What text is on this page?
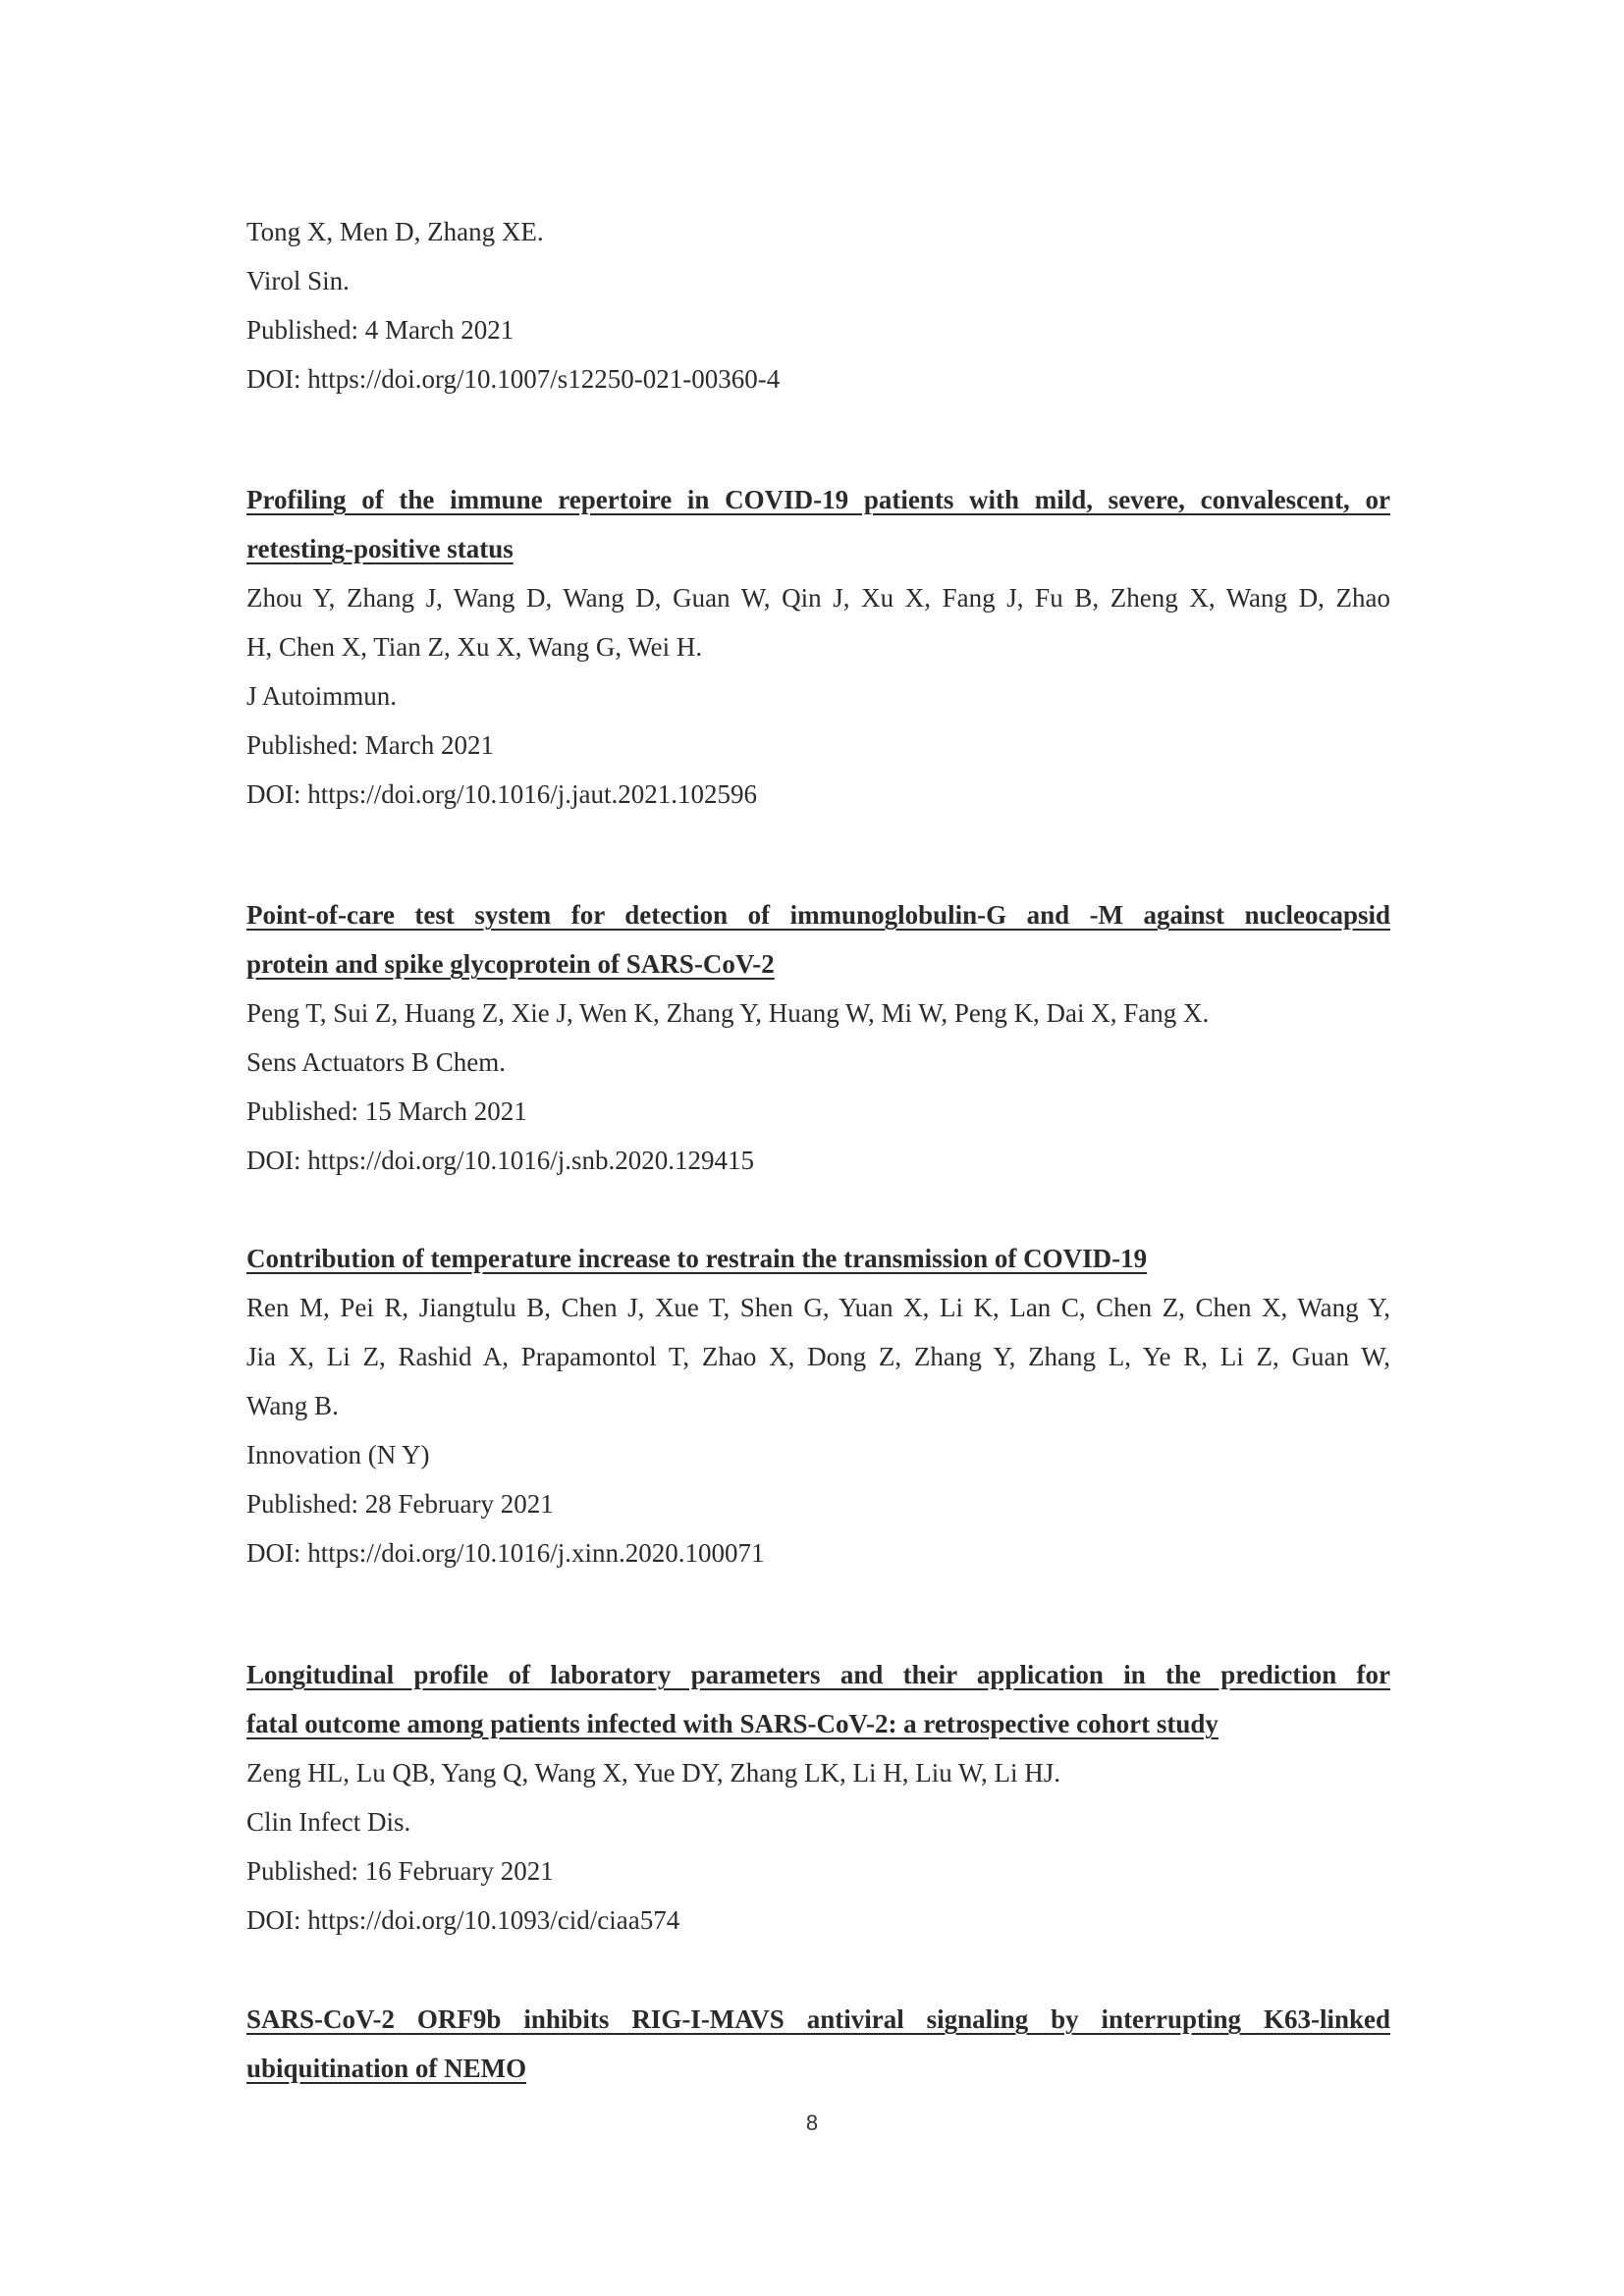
Tong X, Men D, Zhang XE.
Virol Sin.
Published: 4 March 2021
DOI: https://doi.org/10.1007/s12250-021-00360-4
Profiling of the immune repertoire in COVID-19 patients with mild, severe, convalescent, or
retesting-positive status
Zhou Y, Zhang J, Wang D, Wang D, Guan W, Qin J, Xu X, Fang J, Fu B, Zheng X, Wang D, Zhao
H, Chen X, Tian Z, Xu X, Wang G, Wei H.
J Autoimmun.
Published: March 2021
DOI: https://doi.org/10.1016/j.jaut.2021.102596
Point-of-care test system for detection of immunoglobulin-G and -M against nucleocapsid
protein and spike glycoprotein of SARS-CoV-2
Peng T, Sui Z, Huang Z, Xie J, Wen K, Zhang Y, Huang W, Mi W, Peng K, Dai X, Fang X.
Sens Actuators B Chem.
Published: 15 March 2021
DOI: https://doi.org/10.1016/j.snb.2020.129415
Contribution of temperature increase to restrain the transmission of COVID-19
Ren M, Pei R, Jiangtulu B, Chen J, Xue T, Shen G, Yuan X, Li K, Lan C, Chen Z, Chen X, Wang Y,
Jia X, Li Z, Rashid A, Prapamontol T, Zhao X, Dong Z, Zhang Y, Zhang L, Ye R, Li Z, Guan W,
Wang B.
Innovation (N Y)
Published: 28 February 2021
DOI: https://doi.org/10.1016/j.xinn.2020.100071
Longitudinal profile of laboratory parameters and their application in the prediction for
fatal outcome among patients infected with SARS-CoV-2: a retrospective cohort study
Zeng HL, Lu QB, Yang Q, Wang X, Yue DY, Zhang LK, Li H, Liu W, Li HJ.
Clin Infect Dis.
Published: 16 February 2021
DOI: https://doi.org/10.1093/cid/ciaa574
SARS-CoV-2 ORF9b inhibits RIG-I-MAVS antiviral signaling by interrupting K63-linked
ubiquitination of NEMO
8
